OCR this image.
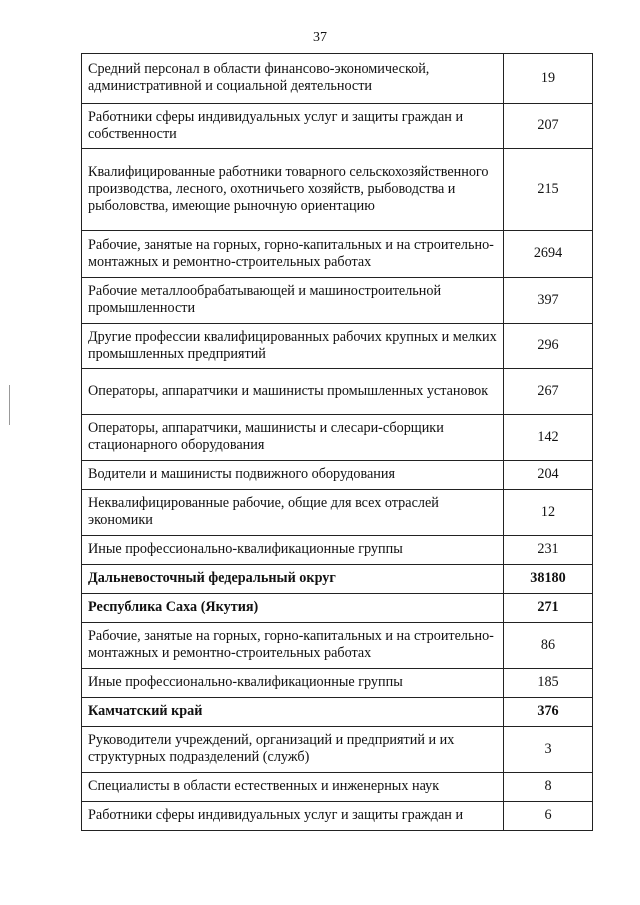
37
Средний персонал в области финансово-экономической, административной и социальной деятельности	19
Работники сферы индивидуальных услуг и защиты граждан и собственности	207
Квалифицированные работники товарного сельскохозяйственного производства, лесного, охотничьего хозяйств, рыбоводства и рыболовства, имеющие рыночную ориентацию	215
Рабочие, занятые на горных, горно-капитальных и на строительно-монтажных и ремонтно-строительных работах	2694
Рабочие металлообрабатывающей и машиностроительной промышленности	397
Другие профессии квалифицированных рабочих крупных и мелких промышленных предприятий	296
Операторы, аппаратчики и машинисты промышленных установок	267
Операторы, аппаратчики, машинисты и слесари-сборщики стационарного оборудования	142
Водители и машинисты подвижного оборудования	204
Неквалифицированные рабочие, общие для всех отраслей экономики	12
Иные профессионально-квалификационные группы	231
Дальневосточный федеральный округ	38180
Республика Саха (Якутия)	271
Рабочие, занятые на горных, горно-капитальных и на строительно-монтажных и ремонтно-строительных работах	86
Иные профессионально-квалификационные группы	185
Камчатский край	376
Руководители учреждений, организаций и предприятий и их структурных подразделений (служб)	3
Специалисты в области естественных и инженерных наук	8
Работники сферы индивидуальных услуг и защиты граждан и	6
